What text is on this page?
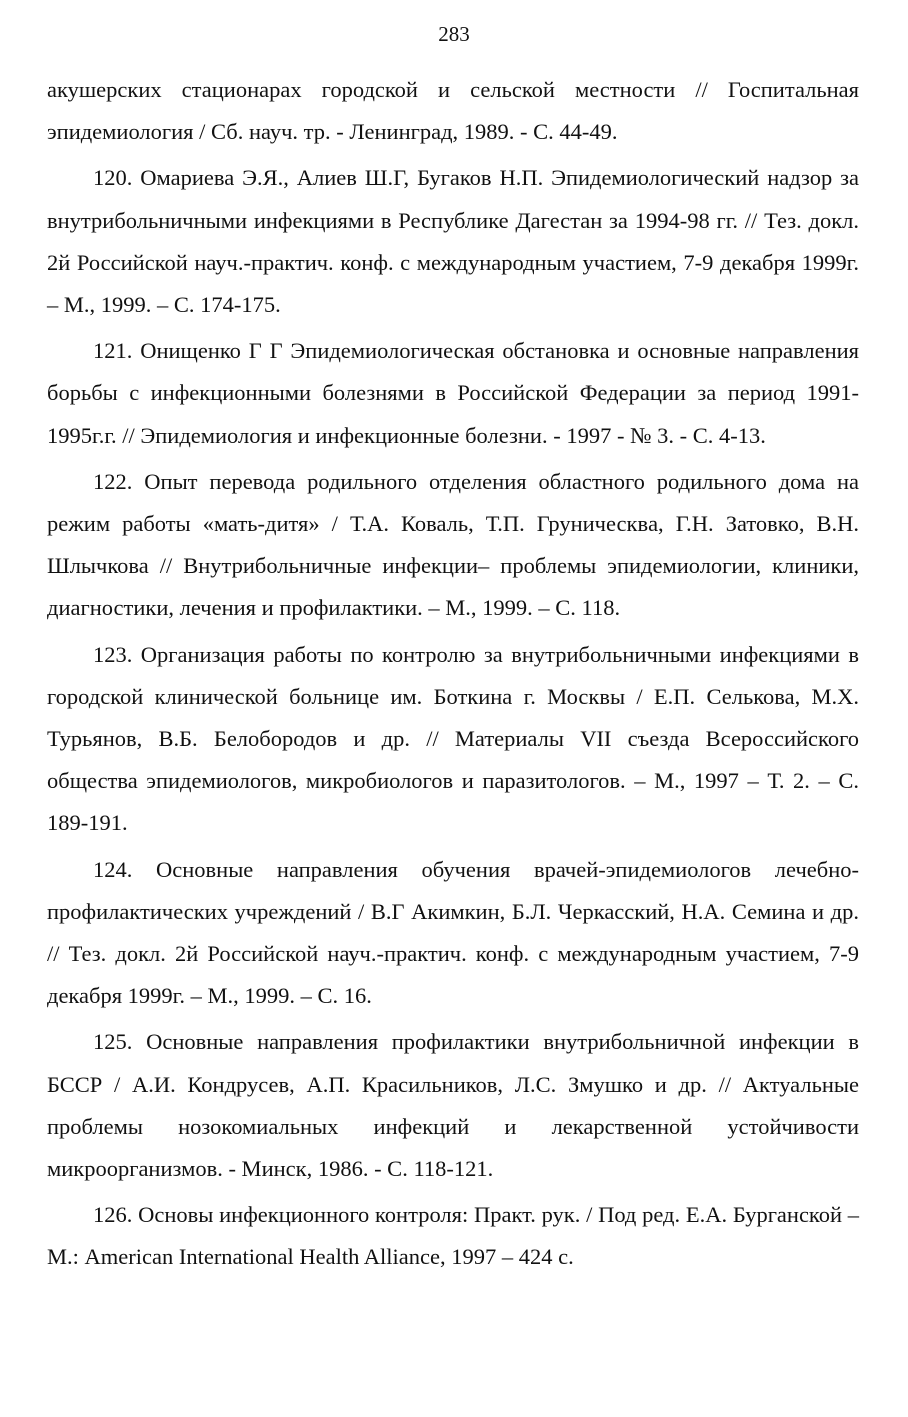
283

акушерских стационарах городской и сельской местности // Госпитальная эпидемиология / Сб. науч. тр. - Ленинград, 1989. - С. 44-49.

120. Омариева Э.Я., Алиев Ш.Г, Бугаков Н.П. Эпидемиологический надзор за внутрибольничными инфекциями в Республике Дагестан за 1994-98 гг. // Тез. докл. 2й Российской науч.-практич. конф. с международным участием, 7-9 декабря 1999г. – М., 1999. – С. 174-175.

121. Онищенко Г Г Эпидемиологическая обстановка и основные направления борьбы с инфекционными болезнями в Российской Федерации за период 1991-1995г.г. // Эпидемиология и инфекционные болезни. - 1997 - № 3. - С. 4-13.

122. Опыт перевода родильного отделения областного родильного дома на режим работы «мать-дитя» / Т.А. Коваль, Т.П. Груническвa, Г.Н. Затовко, В.Н. Шлычкова // Внутрибольничные инфекции– проблемы эпидемиологии, клиники, диагностики, лечения и профилактики. – М., 1999. – С. 118.

123. Организация работы по контролю за внутрибольничными инфекциями в городской клинической больнице им. Боткина г. Москвы / Е.П. Селькова, М.Х. Турьянов, В.Б. Белобородов и др. // Материалы VII съезда Всероссийского общества эпидемиологов, микробиологов и паразитологов. – М., 1997 – Т. 2. – С. 189-191.

124. Основные направления обучения врачей-эпидемиологов лечебно-профилактических учреждений / В.Г Акимкин, Б.Л. Черкасский, Н.А. Семина и др. // Тез. докл. 2й Российской науч.-практич. конф. с международным участием, 7-9 декабря 1999г. – М., 1999. – С. 16.

125. Основные направления профилактики внутрибольничной инфекции в БССР / А.И. Кондрусев, А.П. Красильников, Л.С. Змушко и др. // Актуальные проблемы нозокомиальных инфекций и лекарственной устойчивости микроорганизмов. - Минск, 1986. - С. 118-121.

126. Основы инфекционного контроля: Практ. рук. / Под ред. Е.А. Бурганской – М.: American International Health Alliance, 1997 – 424 с.
